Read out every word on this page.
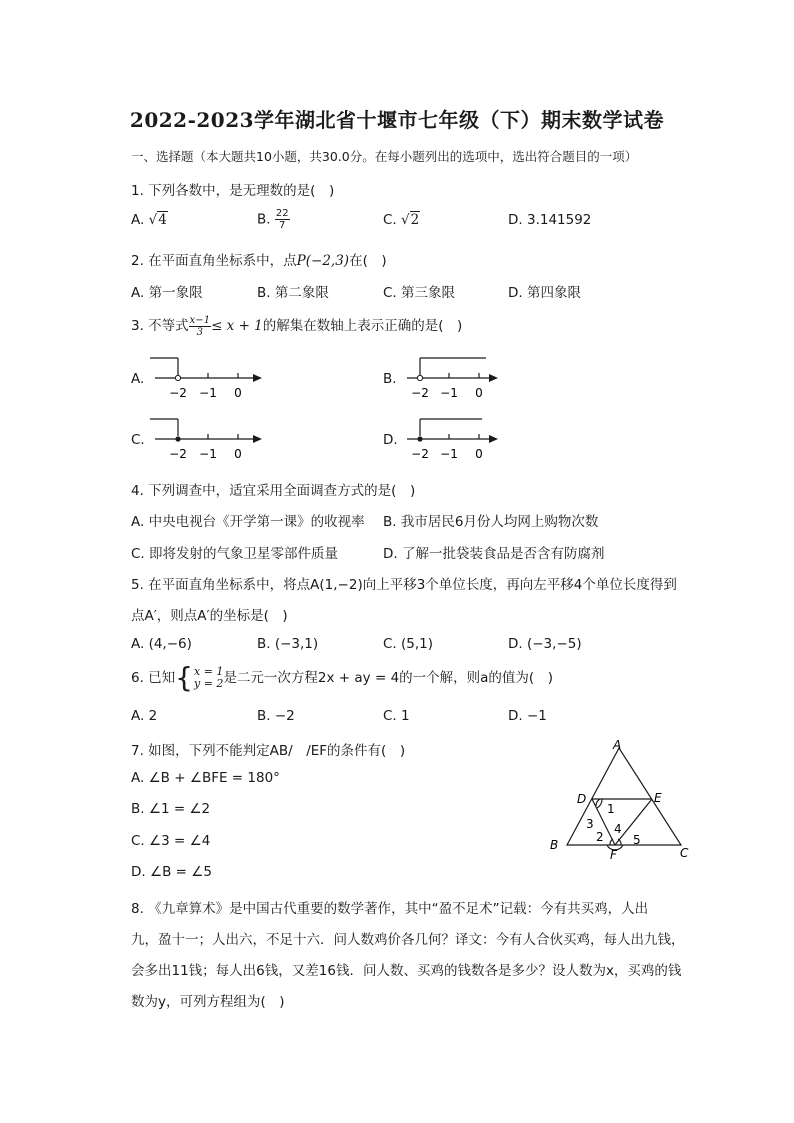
2022-2023学年湖北省十堰市七年级（下）期末数学试卷
一、选择题（本大题共10小题，共30.0分。在每小题列出的选项中，选出符合题目的一项）
1. 下列各数中，是无理数的是(　)
A. √4	B. $\frac{22}{7}$	C. √2	D. 3.141592
2. 在平面直角坐标系中，点P(−2,3)在(　)
A. 第一象限	B. 第二象限	C. 第三象限	D. 第四象限
3. 不等式 $\frac{x-1}{3} \le x + 1$的解集在数轴上表示正确的是(　)
A.
−2 −1 0
B.
−2 −1 0
C.
−2 −1 0
D.
−2 −1 0
4. 下列调查中，适宜采用全面调查方式的是(　)
A. 中央电视台《开学第一课》的收视率 B. 我市居民6月份人均网上购物次数
C. 即将发射的气象卫星零部件质量	D. 了解一批袋装食品是否含有防腐剂
5. 在平面直角坐标系中，将点A(1,−2)向上平移3个单位长度，再向左平移4个单位长度得到
点A′，则点A′的坐标是(　)
A. (4,−6)	B. (−3,1)	C. (5,1)	D. (−3,−5)
6. 已知{ x = 1
y = 2 是二元一次方程2x + ay = 4的一个解，则a的值为(　)
A. 2	B. −2	C. 1	D. −1
7. 如图，下列不能判定AB/　/EF的条件有(　)
A. ∠B + ∠BFE = 180°
B. ∠1 = ∠2
C. ∠3 = ∠4
D. ∠B = ∠5
A
D	E
B
C
F
1
2
3 4
5
8. 《九章算术》是中国古代重要的数学著作，其中“盈不足术”记载：今有共买鸡，人出
九，盈十一；人出六，不足十六．问人数鸡价各几何？译文：今有人合伙买鸡，每人出九钱，
会多出11钱；每人出6钱，又差16钱．问人数、买鸡的钱数各是多少？设人数为x，买鸡的钱
数为y，可列方程组为(　)
